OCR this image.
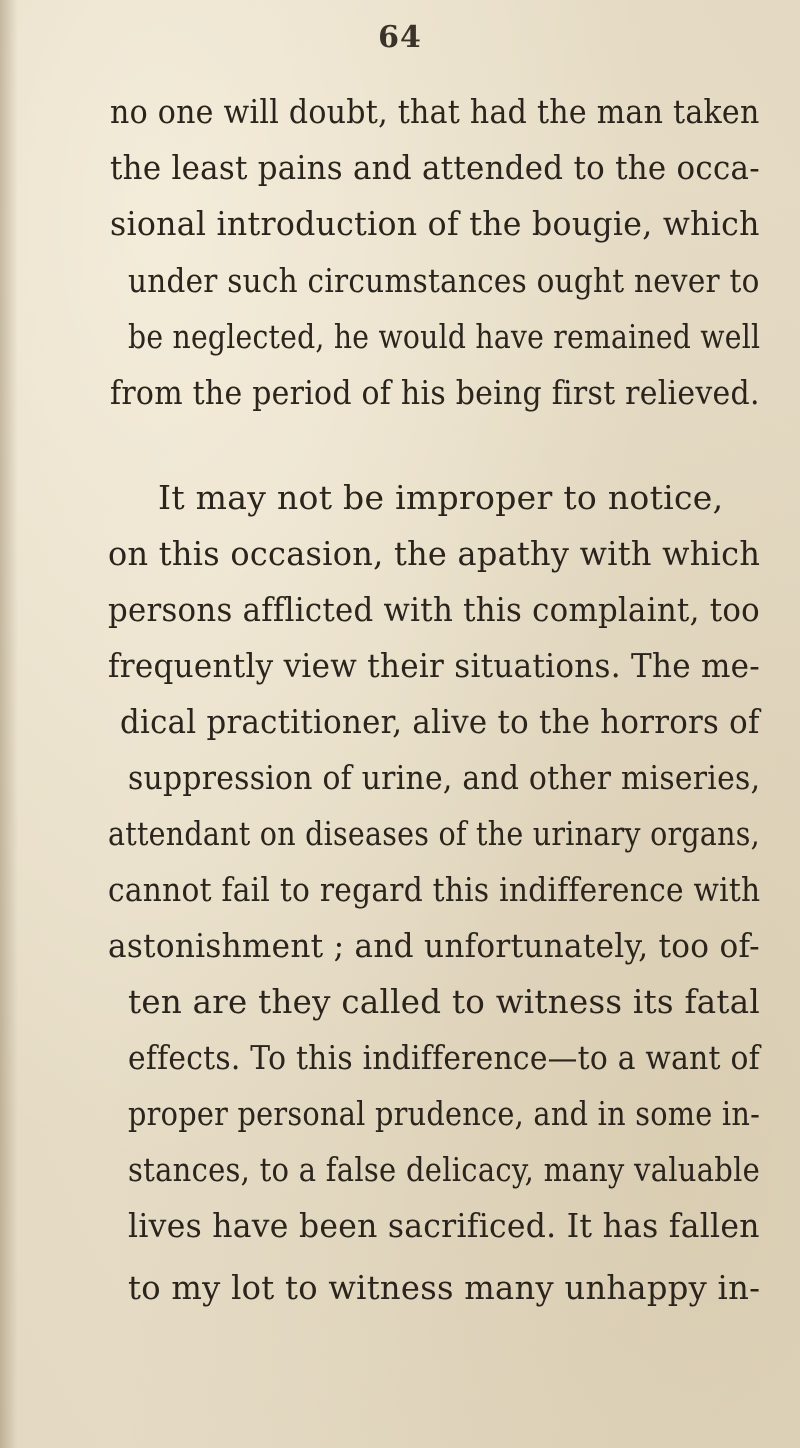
64
no one will doubt, that had the man taken
the least pains and attended to the occa-
sional introduction of the bougie, which
under such circumstances ought never to
be neglected, he would have remained well
from the period of his being first relieved.
It may not be improper to notice,
on this occasion, the apathy with which
persons afflicted with this complaint, too
frequently view their situations. The me-
dical practitioner, alive to the horrors of
suppression of urine, and other miseries,
attendant on diseases of the urinary organs,
cannot fail to regard this indifference with
astonishment ; and unfortunately, too of-
ten are they called to witness its fatal
effects. To this indifference—to a want of
proper personal prudence, and in some in-
stances, to a false delicacy, many valuable
lives have been sacrificed. It has fallen
to my lot to witness many unhappy in-
